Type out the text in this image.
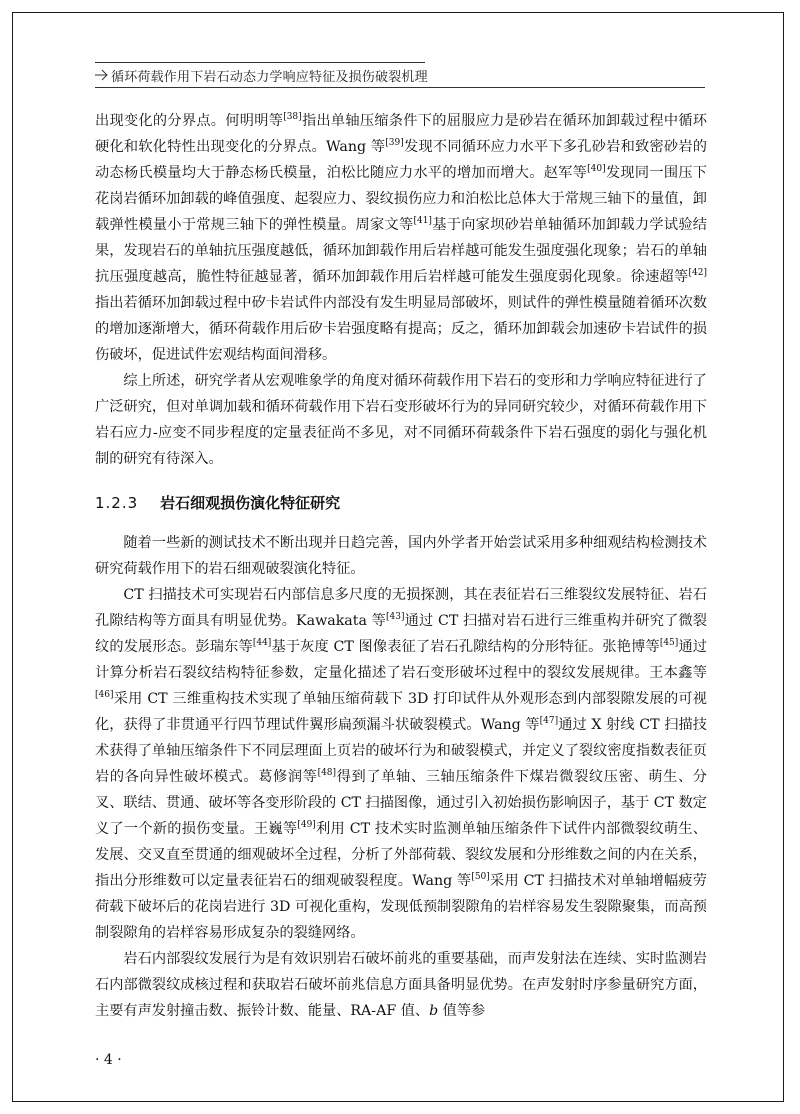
循环荷载作用下岩石动态力学响应特征及损伤破裂机理

出现变化的分界点。何明明等[38]指出单轴压缩条件下的屈服应力是砂岩在循环加卸载过程中循环硬化和软化特性出现变化的分界点。Wang 等[39]发现不同循环应力水平下多孔砂岩和致密砂岩的动态杨氏模量均大于静态杨氏模量，泊松比随应力水平的增加而增大。赵军等[40]发现同一围压下花岗岩循环加卸载的峰值强度、起裂应力、裂纹损伤应力和泊松比总体大于常规三轴下的量值，卸载弹性模量小于常规三轴下的弹性模量。周家文等[41]基于向家坝砂岩单轴循环加卸载力学试验结果，发现岩石的单轴抗压强度越低，循环加卸载作用后岩样越可能发生强度强化现象；岩石的单轴抗压强度越高，脆性特征越显著，循环加卸载作用后岩样越可能发生强度弱化现象。徐速超等[42]指出若循环加卸载过程中矽卡岩试件内部没有发生明显局部破坏，则试件的弹性模量随着循环次数的增加逐渐增大，循环荷载作用后矽卡岩强度略有提高；反之，循环加卸载会加速矽卡岩试件的损伤破坏，促进试件宏观结构面间滑移。

综上所述，研究学者从宏观唯象学的角度对循环荷载作用下岩石的变形和力学响应特征进行了广泛研究，但对单调加载和循环荷载作用下岩石变形破坏行为的异同研究较少，对循环荷载作用下岩石应力-应变不同步程度的定量表征尚不多见，对不同循环荷载条件下岩石强度的弱化与强化机制的研究有待深入。

1.2.3 岩石细观损伤演化特征研究

随着一些新的测试技术不断出现并日趋完善，国内外学者开始尝试采用多种细观结构检测技术研究荷载作用下的岩石细观破裂演化特征。

CT 扫描技术可实现岩石内部信息多尺度的无损探测，其在表征岩石三维裂纹发展特征、岩石孔隙结构等方面具有明显优势。Kawakata 等[43]通过 CT 扫描对岩石进行三维重构并研究了微裂纹的发展形态。彭瑞东等[44]基于灰度 CT 图像表征了岩石孔隙结构的分形特征。张艳博等[45]通过计算分析岩石裂纹结构特征参数，定量化描述了岩石变形破坏过程中的裂纹发展规律。王本鑫等[46]采用 CT 三维重构技术实现了单轴压缩荷载下 3D 打印试件从外观形态到内部裂隙发展的可视化，获得了非贯通平行四节理试件翼形扁颈漏斗状破裂模式。Wang 等[47]通过 X 射线 CT 扫描技术获得了单轴压缩条件下不同层理面上页岩的破坏行为和破裂模式，并定义了裂纹密度指数表征页岩的各向异性破坏模式。葛修润等[48]得到了单轴、三轴压缩条件下煤岩微裂纹压密、萌生、分叉、联结、贯通、破坏等各变形阶段的 CT 扫描图像，通过引入初始损伤影响因子，基于 CT 数定义了一个新的损伤变量。王巍等[49]利用 CT 技术实时监测单轴压缩条件下试件内部微裂纹萌生、发展、交叉直至贯通的细观破坏全过程，分析了外部荷载、裂纹发展和分形维数之间的内在关系，指出分形维数可以定量表征岩石的细观破裂程度。Wang 等[50]采用 CT 扫描技术对单轴增幅疲劳荷载下破坏后的花岗岩进行 3D 可视化重构，发现低预制裂隙角的岩样容易发生裂隙聚集，而高预制裂隙角的岩样容易形成复杂的裂缝网络。

岩石内部裂纹发展行为是有效识别岩石破坏前兆的重要基础，而声发射法在连续、实时监测岩石内部微裂纹成核过程和获取岩石破坏前兆信息方面具备明显优势。在声发射时序参量研究方面，主要有声发射撞击数、振铃计数、能量、RA-AF 值、b 值等参

· 4 ·
